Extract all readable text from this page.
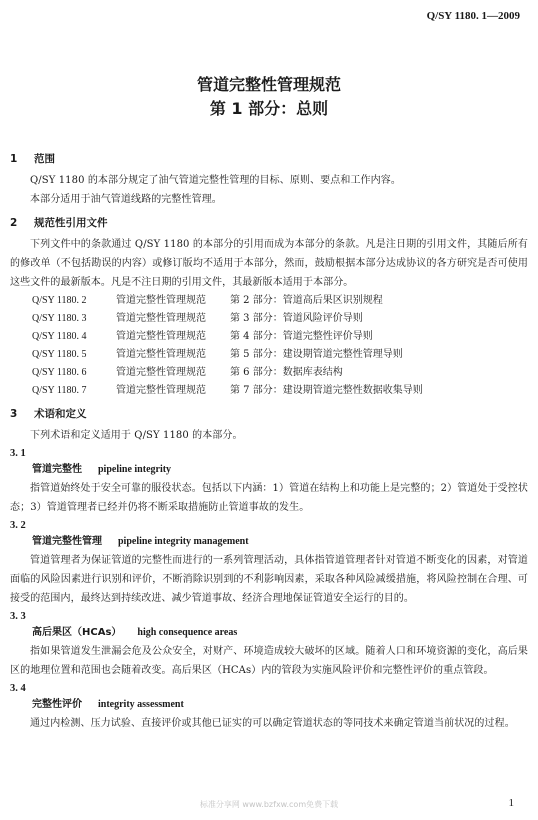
Q/SY 1180. 1—2009
管道完整性管理规范
第 1 部分：总则
1 范围
Q/SY 1180 的本部分规定了油气管道完整性管理的目标、原则、要点和工作内容。
本部分适用于油气管道线路的完整性管理。
2 规范性引用文件
下列文件中的条款通过 Q/SY 1180 的本部分的引用而成为本部分的条款。凡是注日期的引用文件，其随后所有的修改单（不包括勘误的内容）或修订版均不适用于本部分，然而，鼓励根据本部分达成协议的各方研究是否可使用这些文件的最新版本。凡是不注日期的引用文件，其最新版本适用于本部分。
Q/SY 1180. 2	管道完整性管理规范 第 2 部分：管道高后果区识别规程
Q/SY 1180. 3	管道完整性管理规范 第 3 部分：管道风险评价导则
Q/SY 1180. 4	管道完整性管理规范 第 4 部分：管道完整性评价导则
Q/SY 1180. 5	管道完整性管理规范 第 5 部分：建设期管道完整性管理导则
Q/SY 1180. 6	管道完整性管理规范 第 6 部分：数据库表结构
Q/SY 1180. 7	管道完整性管理规范 第 7 部分：建设期管道完整性数据收集导则
3 术语和定义
下列术语和定义适用于 Q/SY 1180 的本部分。
3. 1
管道完整性 pipeline integrity
指管道始终处于安全可靠的服役状态。包括以下内涵：1）管道在结构上和功能上是完整的；2）管道处于受控状态；3）管道管理者已经并仍将不断采取措施防止管道事故的发生。
3. 2
管道完整性管理 pipeline integrity management
管道管理者为保证管道的完整性而进行的一系列管理活动，具体指管道管理者针对管道不断变化的因素，对管道面临的风险因素进行识别和评价，不断消除识别到的不利影响因素，采取各种风险减缓措施，将风险控制在合理、可接受的范围内，最终达到持续改进、减少管道事故、经济合理地保证管道安全运行的目的。
3. 3
高后果区（HCAs） high consequence areas
指如果管道发生泄漏会危及公众安全，对财产、环境造成较大破坏的区域。随着人口和环境资源的变化，高后果区的地理位置和范围也会随着改变。高后果区（HCAs）内的管段为实施风险评价和完整性评价的重点管段。
3. 4
完整性评价 integrity assessment
通过内检测、压力试验、直接评价或其他已证实的可以确定管道状态的等同技术来确定管道当前状况的过程。
标准分享网 www.bzfxw.com免费下载	1
